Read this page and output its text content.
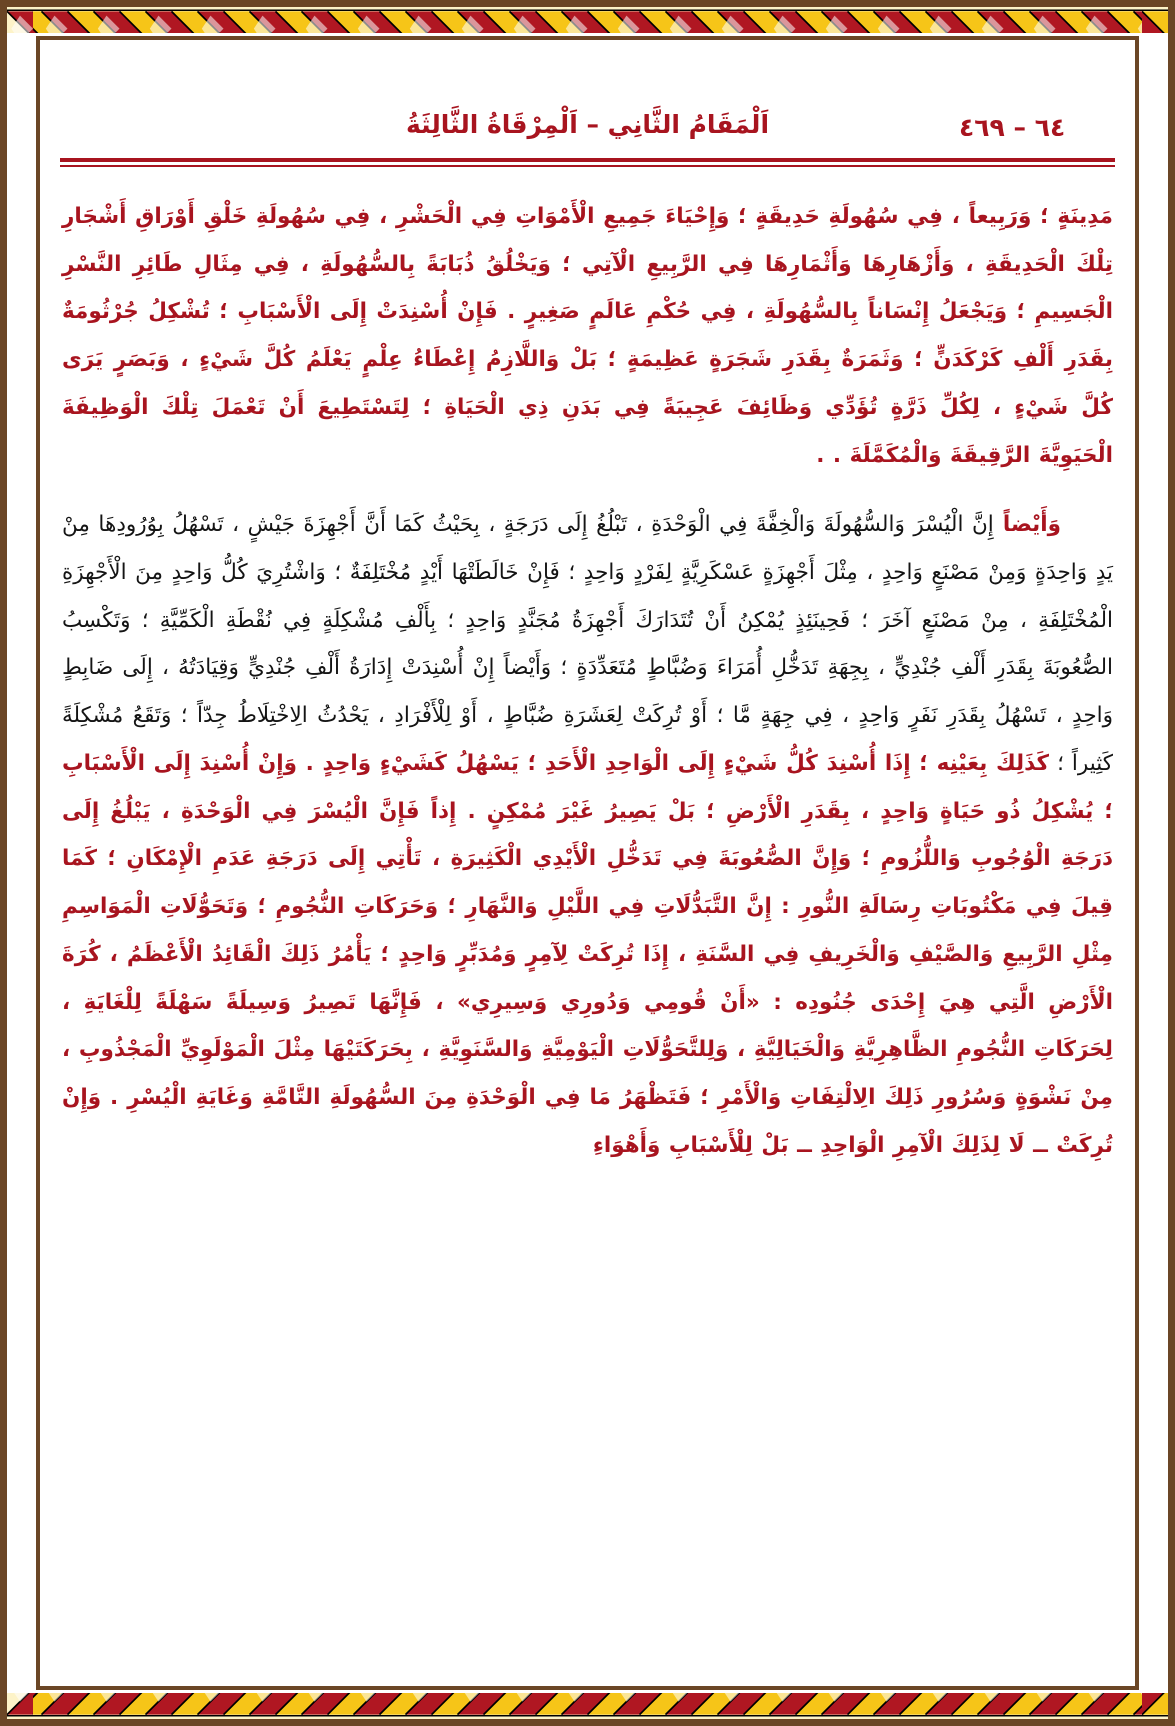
٦٤ – ٤٦٩
اَلْمَقَامُ الثَّانِي – اَلْمِرْقَاةُ الثَّالِثَةُ

مَدِينَةٍ ؛ وَرَبِيعاً ، فِي سُهُولَةِ حَدِيقَةٍ ؛ وَإِحْيَاءَ جَمِيعِ الْأَمْوَاتِ فِي الْحَشْرِ ، فِي سُهُولَةِ خَلْقِ أَوْرَاقِ أَشْجَارِ تِلْكَ الْحَدِيقَةِ ، وَأَزْهَارِهَا وَأَثْمَارِهَا فِي الرَّبِيعِ الْآتِي ؛ وَيَخْلُقُ ذُبَابَةً بِالسُّهُولَةِ ، فِي مِثَالِ طَائِرِ النَّسْرِ الْجَسِيمِ ؛ وَيَجْعَلُ إِنْسَاناً بِالسُّهُولَةِ ، فِي حُكْمِ عَالَمٍ صَغِيرٍ . فَإِنْ أُسْنِدَتْ إِلَى الْأَسْبَابِ ؛ تُشْكِلُ جُرْثُومَةٌ بِقَدَرِ أَلْفِ كَرْكَدَنٍّ ؛ وَثَمَرَةٌ بِقَدَرِ شَجَرَةٍ عَظِيمَةٍ ؛ بَلْ وَاللَّازِمُ إِعْطَاءُ عِلْمٍ يَعْلَمُ كُلَّ شَيْءٍ ، وَبَصَرٍ يَرَى كُلَّ شَيْءٍ ، لِكُلِّ ذَرَّةٍ تُؤَدِّي وَظَائِفَ عَجِيبَةً فِي بَدَنِ ذِي الْحَيَاةِ ؛ لِتَسْتَطِيعَ أَنْ تَعْمَلَ تِلْكَ الْوَظِيفَةَ الْحَيَوِيَّةَ الرَّقِيقَةَ وَالْمُكَمَّلَةَ . .

وَأَيْضاً إِنَّ الْيُسْرَ وَالسُّهُولَةَ وَالْخِفَّةَ فِي الْوَحْدَةِ ، تَبْلُغُ إِلَى دَرَجَةٍ ، بِحَيْثُ كَمَا أَنَّ أَجْهِزَةَ جَيْشٍ ، تَسْهُلُ بِوُرُودِهَا مِنْ يَدٍ وَاحِدَةٍ وَمِنْ مَصْنَعٍ وَاحِدٍ ، مِثْلَ أَجْهِزَةٍ عَسْكَرِيَّةٍ لِفَرْدٍ وَاحِدٍ ؛ فَإِنْ خَالَطَتْهَا أَيْدٍ مُخْتَلِفَةٌ ؛ وَاشْتُرِيَ كُلُّ وَاحِدٍ مِنَ الْأَجْهِزَةِ الْمُخْتَلِفَةِ ، مِنْ مَصْنَعٍ آخَرَ ؛ فَحِينَئِذٍ يُمْكِنُ أَنْ تُتَدَارَكَ أَجْهِزَةُ مُجَنَّدٍ وَاحِدٍ ؛ بِأَلْفِ مُشْكِلَةٍ فِي نُقْطَةِ الْكَمِّيَّةِ ؛ وَتَكْسِبُ الصُّعُوبَةَ بِقَدَرِ أَلْفِ جُنْدِيٍّ ، بِجِهَةِ تَدَخُّلِ أُمَرَاءَ وَضُبَّاطٍ مُتَعَدِّدَةٍ ؛ وَأَيْضاً إِنْ أُسْنِدَتْ إِدَارَةُ أَلْفِ جُنْدِيٍّ وَقِيَادَتُهُ ، إِلَى ضَابِطٍ وَاحِدٍ ، تَسْهُلُ بِقَدَرِ نَفَرٍ وَاحِدٍ ، فِي جِهَةٍ مَّا ؛ أَوْ تُرِكَتْ لِعَشَرَةِ ضُبَّاطٍ ، أَوْ لِلْأَفْرَادِ ، يَحْدُثُ الِاخْتِلَاطُ جِدّاً ؛ وَتَقَعُ مُشْكِلَةً كَثِيراً ؛ كَذَلِكَ بِعَيْنِه ؛ إِذَا أُسْنِدَ كُلُّ شَيْءٍ إِلَى الْوَاحِدِ الْأَحَدِ ؛ يَسْهُلُ كَشَيْءٍ وَاحِدٍ . وَإِنْ أُسْنِدَ إِلَى الْأَسْبَابِ ؛ يُشْكِلُ ذُو حَيَاةٍ وَاحِدٍ ، بِقَدَرِ الْأَرْضِ ؛ بَلْ يَصِيرُ غَيْرَ مُمْكِنٍ . إِذاً فَإِنَّ الْيُسْرَ فِي الْوَحْدَةِ ، يَبْلُغُ إِلَى دَرَجَةِ الْوُجُوبِ وَاللُّزُومِ ؛ وَإِنَّ الصُّعُوبَةَ فِي تَدَخُّلِ الْأَيْدِي الْكَثِيرَةِ ، تَأْتِي إِلَى دَرَجَةِ عَدَمِ الْإِمْكَانِ ؛ كَمَا قِيلَ فِي مَكْتُوبَاتِ رِسَالَةِ النُّورِ : إِنَّ التَّبَدُّلَاتِ فِي اللَّيْلِ وَالنَّهَارِ ؛ وَحَرَكَاتِ النُّجُومِ ؛ وَتَحَوُّلَاتِ الْمَوَاسِمِ مِثْلِ الرَّبِيعِ وَالصَّيْفِ وَالْخَرِيفِ فِي السَّنَةِ ، إِذَا تُرِكَتْ لِآمِرٍ وَمُدَبِّرٍ وَاحِدٍ ؛ يَأْمُرُ ذَلِكَ الْقَائِدُ الْأَعْظَمُ ، كُرَةَ الْأَرْضِ الَّتِي هِيَ إِحْدَى جُنُودِه : «أَنْ قُومِي وَدُورِي وَسِيرِي» ، فَإِنَّهَا تَصِيرُ وَسِيلَةً سَهْلَةً لِلْغَايَةِ ، لِحَرَكَاتِ النُّجُومِ الظَّاهِرِيَّةِ وَالْخَيَالِيَّةِ ، وَلِلتَّحَوُّلَاتِ الْيَوْمِيَّةِ وَالسَّنَوِيَّةِ ، بِحَرَكَتَيْهَا مِثْلَ الْمَوْلَوِيِّ الْمَجْذُوبِ ، مِنْ نَشْوَةٍ وَسُرُورِ ذَلِكَ الِالْتِفَاتِ وَالْأَمْرِ ؛ فَتَظْهَرُ مَا فِي الْوَحْدَةِ مِنَ السُّهُولَةِ التَّامَّةِ وَغَايَةِ الْيُسْرِ . وَإِنْ تُرِكَتْ ــ لَا لِذَلِكَ الْآمِرِ الْوَاحِدِ ــ بَلْ لِلْأَسْبَابِ وَأَهْوَاءِ
